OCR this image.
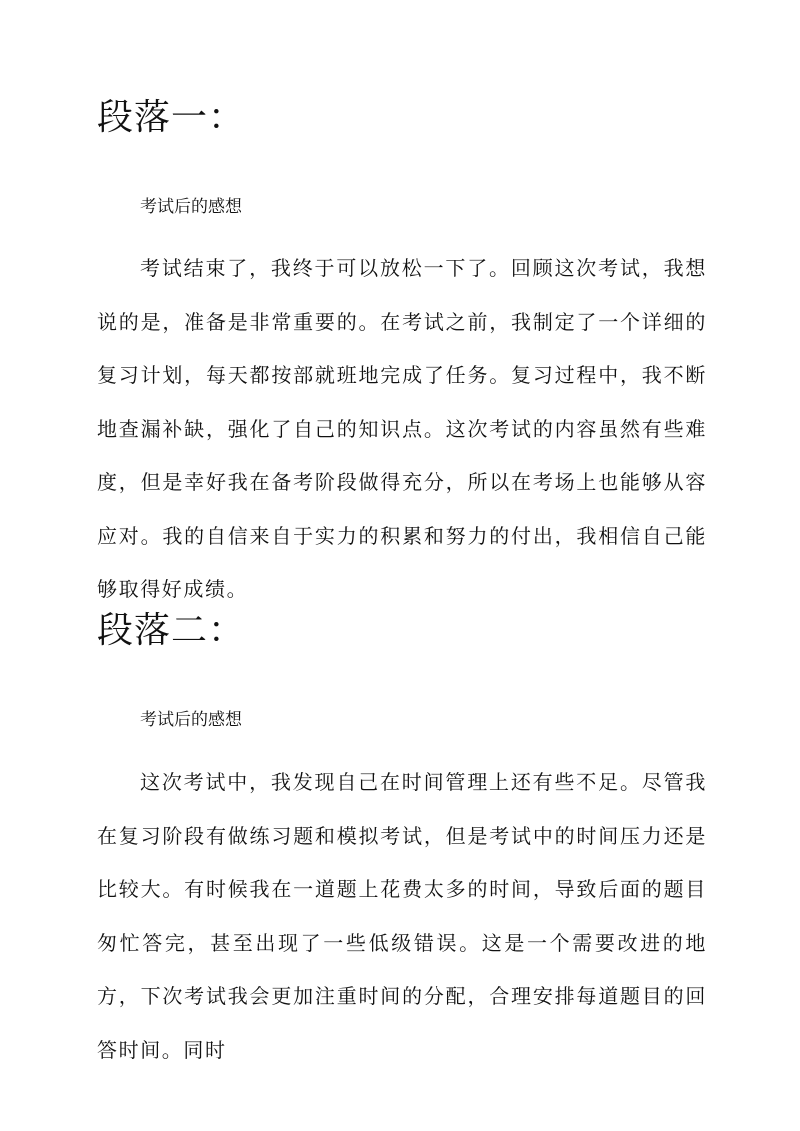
段落一：

考试后的感想

考试结束了，我终于可以放松一下了。回顾这次考试，我想说的是，准备是非常重要的。在考试之前，我制定了一个详细的复习计划，每天都按部就班地完成了任务。复习过程中，我不断地查漏补缺，强化了自己的知识点。这次考试的内容虽然有些难度，但是幸好我在备考阶段做得充分，所以在考场上也能够从容应对。我的自信来自于实力的积累和努力的付出，我相信自己能够取得好成绩。

段落二：

考试后的感想

这次考试中，我发现自己在时间管理上还有些不足。尽管我在复习阶段有做练习题和模拟考试，但是考试中的时间压力还是比较大。有时候我在一道题上花费太多的时间，导致后面的题目匆忙答完，甚至出现了一些低级错误。这是一个需要改进的地方，下次考试我会更加注重时间的分配，合理安排每道题目的回答时间。同时
